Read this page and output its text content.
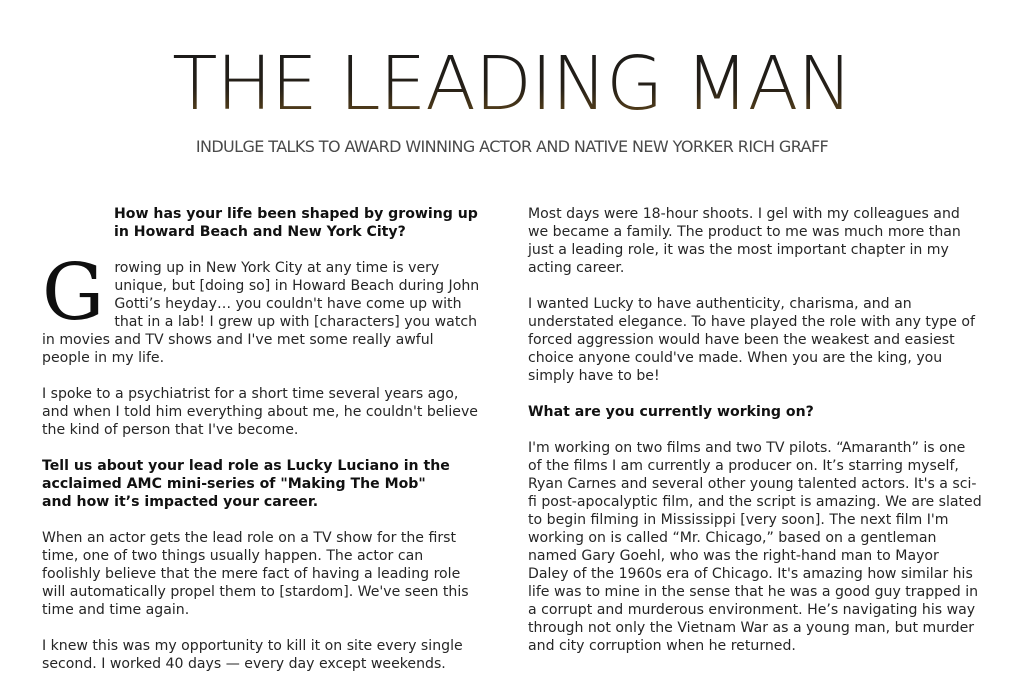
THE LEADING MAN
INDULGE TALKS TO AWARD WINNING ACTOR AND NATIVE NEW YORKER RICH GRAFF
How has your life been shaped by growing up
in Howard Beach and New York City?

Growing up in New York City at any time is very unique, but [doing so] in Howard Beach during John Gotti’s heyday… you couldn't have come up with that in a lab! I grew up with [characters] you watch in movies and TV shows and I've met some really awful people in my life.

I spoke to a psychiatrist for a short time several years ago, and when I told him everything about me, he couldn't believe the kind of person that I've become.

Tell us about your lead role as Lucky Luciano in the
acclaimed AMC mini-series of "Making The Mob"
and how it’s impacted your career.

When an actor gets the lead role on a TV show for the first time, one of two things usually happen. The actor can foolishly believe that the mere fact of having a leading role will automatically propel them to [stardom]. We've seen this time and time again.

I knew this was my opportunity to kill it on site every single second. I worked 40 days — every day except weekends.

Most days were 18-hour shoots. I gel with my colleagues and we became a family. The product to me was much more than just a leading role, it was the most important chapter in my acting career.

I wanted Lucky to have authenticity, charisma, and an understated elegance. To have played the role with any type of forced aggression would have been the weakest and easiest choice anyone could've made. When you are the king, you simply have to be!

What are you currently working on?

I'm working on two films and two TV pilots. “Amaranth” is one of the films I am currently a producer on. It’s starring myself, Ryan Carnes and several other young talented actors. It's a sci-fi post-apocalyptic film, and the script is amazing. We are slated to begin filming in Mississippi [very soon]. The next film I'm working on is called “Mr. Chicago,” based on a gentleman named Gary Goehl, who was the right-hand man to Mayor Daley of the 1960s era of Chicago. It's amazing how similar his life was to mine in the sense that he was a good guy trapped in a corrupt and murderous environment. He’s navigating his way through not only the Vietnam War as a young man, but murder and city corruption when he returned.
